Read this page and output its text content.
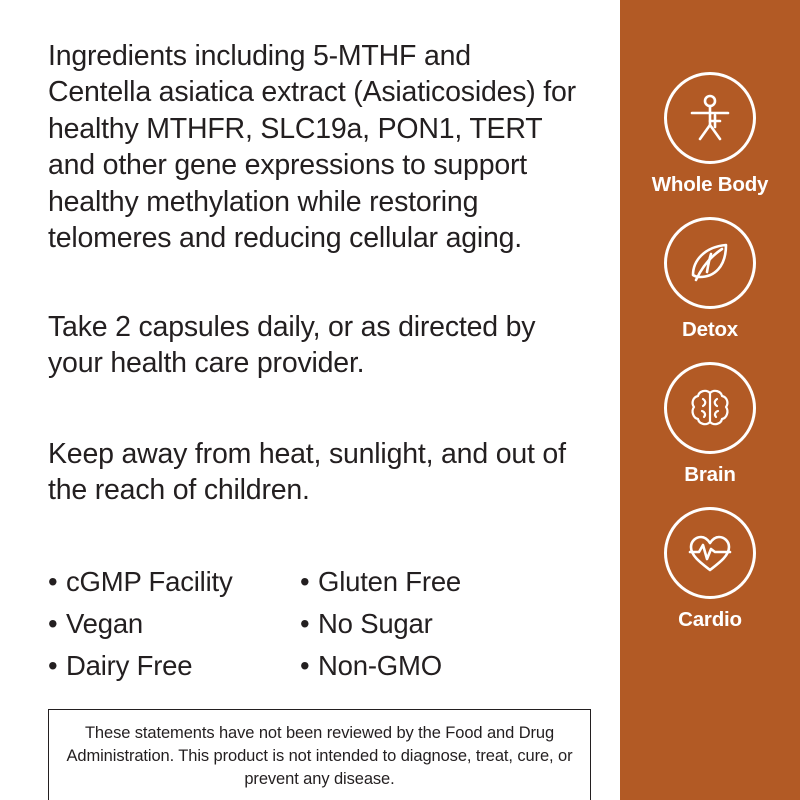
Ingredients including 5-MTHF and Centella asiatica extract (Asiaticosides) for healthy MTHFR, SLC19a, PON1, TERT and other gene expressions to support healthy methylation while restoring telomeres and reducing cellular aging.

Take 2 capsules daily, or as directed by your health care provider.

Keep away from heat, sunlight, and out of the reach of children.

• cGMP Facility
• Vegan
• Dairy Free
• Gluten Free
• No Sugar
• Non-GMO

These statements have not been reviewed by the Food and Drug Administration. This product is not intended to diagnose, treat, cure, or prevent any disease.

Whole Body
Detox
Brain
Cardio
